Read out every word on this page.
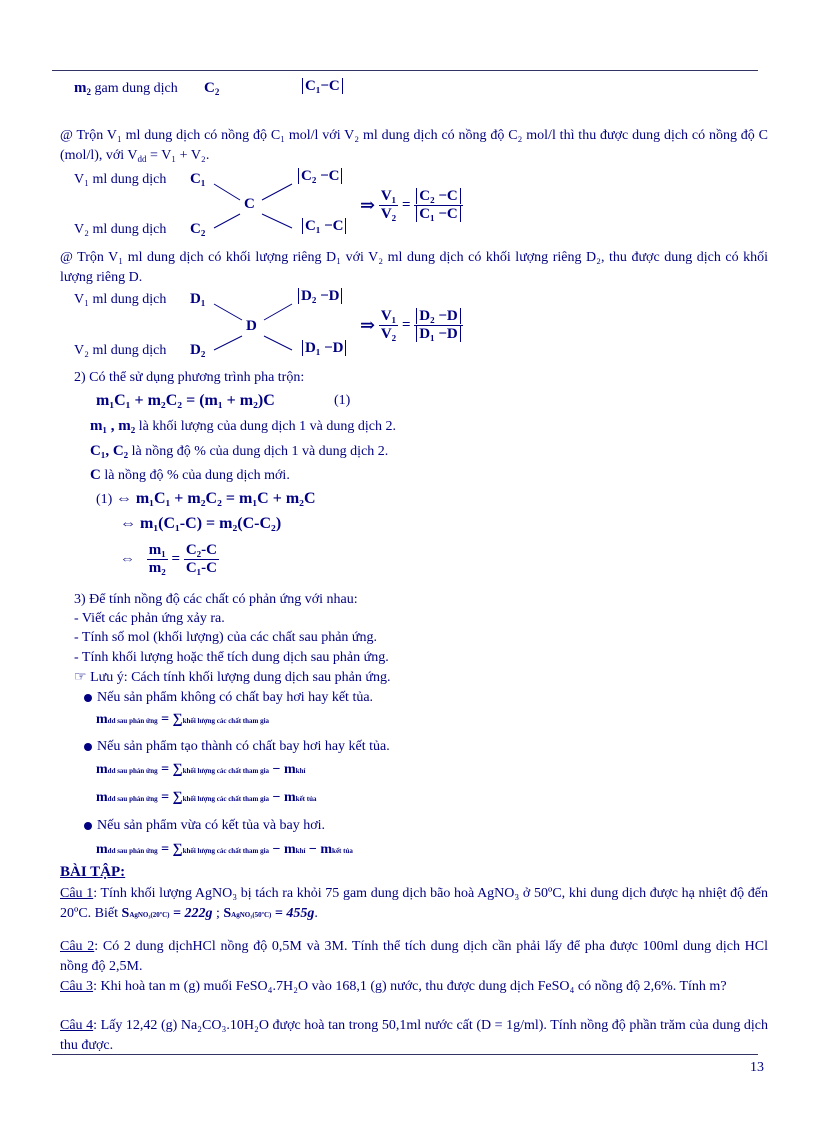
$m_2$ gam dung dịch $C_2$	C₁−C
@ Trộn V₁ ml dung dịch có nồng độ C₁ mol/l với V₂ ml dung dịch có nồng độ C₂ mol/l thì thu được dung dịch có nồng độ C (mol/l), với $V_{dd} = V_1 + V_2$.
V₁ ml dung dịch C₁	C₂ −C
C
V₂ ml dung dịch C₂	C₁ −C
⇒ $\frac{\text{V₁}}{\text{V₂}} = \frac{\text{C₂ −C}}{\text{C₁ −C}}$
@ Trộn V₁ ml dung dịch có khối lượng riêng D₁ với V₂ ml dung dịch có khối lượng riêng D₂, thu được dung dịch có khối lượng riêng D.
V₁ ml dung dịch D₁	D₂ −D
D
V₂ ml dung dịch D₂	D₁ −D
⇒ $\frac{\text{V₁}}{\text{V₂}} = \frac{\text{D₂ −D}}{\text{D₁ −D}}$
2) Có thể sử dụng phương trình pha trộn:
m₁C₁ + m₂C₂ = (m₁ + m₂)C	(1)
m₁ , m₂ là khối lượng của dung dịch 1 và dung dịch 2.
C₁, C₂ là nồng độ % của dung dịch 1 và dung dịch 2.
C là nồng độ % của dung dịch mới.
(1) ⇔ m₁C₁ + m₂C₂ = m₁C + m₂C
⇔ m₁(C₁-C) = m₂(C-C₂)
⇔ $\frac{\text{m₁}}{\text{m₂}} = \frac{\text{C₂-C}}{\text{C₁-C}}$
3) Để tính nồng độ các chất có phản ứng với nhau:
- Viết các phản ứng xảy ra.
- Tính số mol (khối lượng) của các chất sau phản ứng.
- Tính khối lượng hoặc thể tích dung dịch sau phản ứng.
☞ Lưu ý: Cách tính khối lượng dung dịch sau phản ứng.
Nếu sản phẩm không có chất bay hơi hay kết tủa.
mdd sau phản ứng = ∑khối lượng các chất tham gia
Nếu sản phẩm tạo thành có chất bay hơi hay kết tủa.
mdd sau phản ứng = ∑khối lượng các chất tham gia − mkhí
mdd sau phản ứng = ∑khối lượng các chất tham gia − mkết tủa
Nếu sản phẩm vừa có kết tủa và bay hơi.
mdd sau phản ứng = ∑khối lượng các chất tham gia − mkhí − mkết tủa
BÀI TẬP:
Câu 1: Tính khối lượng AgNO₃ bị tách ra khỏi 75 gam dung dịch bão hoà AgNO₃ ở 50ºC, khi dung dịch được hạ nhiệt độ đến 20ºC. Biết SAgNO₃(20ºC) = 222g ; SAgNO₃(50ºC) = 455g.
Câu 2: Có 2 dung dịchHCl nồng độ 0,5M và 3M. Tính thể tích dung dịch cần phải lấy để pha được 100ml dung dịch HCl nồng độ 2,5M.
Câu 3: Khi hoà tan m (g) muối FeSO₄.7H₂O vào 168,1 (g) nước, thu được dung dịch FeSO₄ có nồng độ 2,6%. Tính m?
Câu 4: Lấy 12,42 (g) Na₂CO₃.10H₂O được hoà tan trong 50,1ml nước cất (D = 1g/ml). Tính nồng độ phần trăm của dung dịch thu được.
13
